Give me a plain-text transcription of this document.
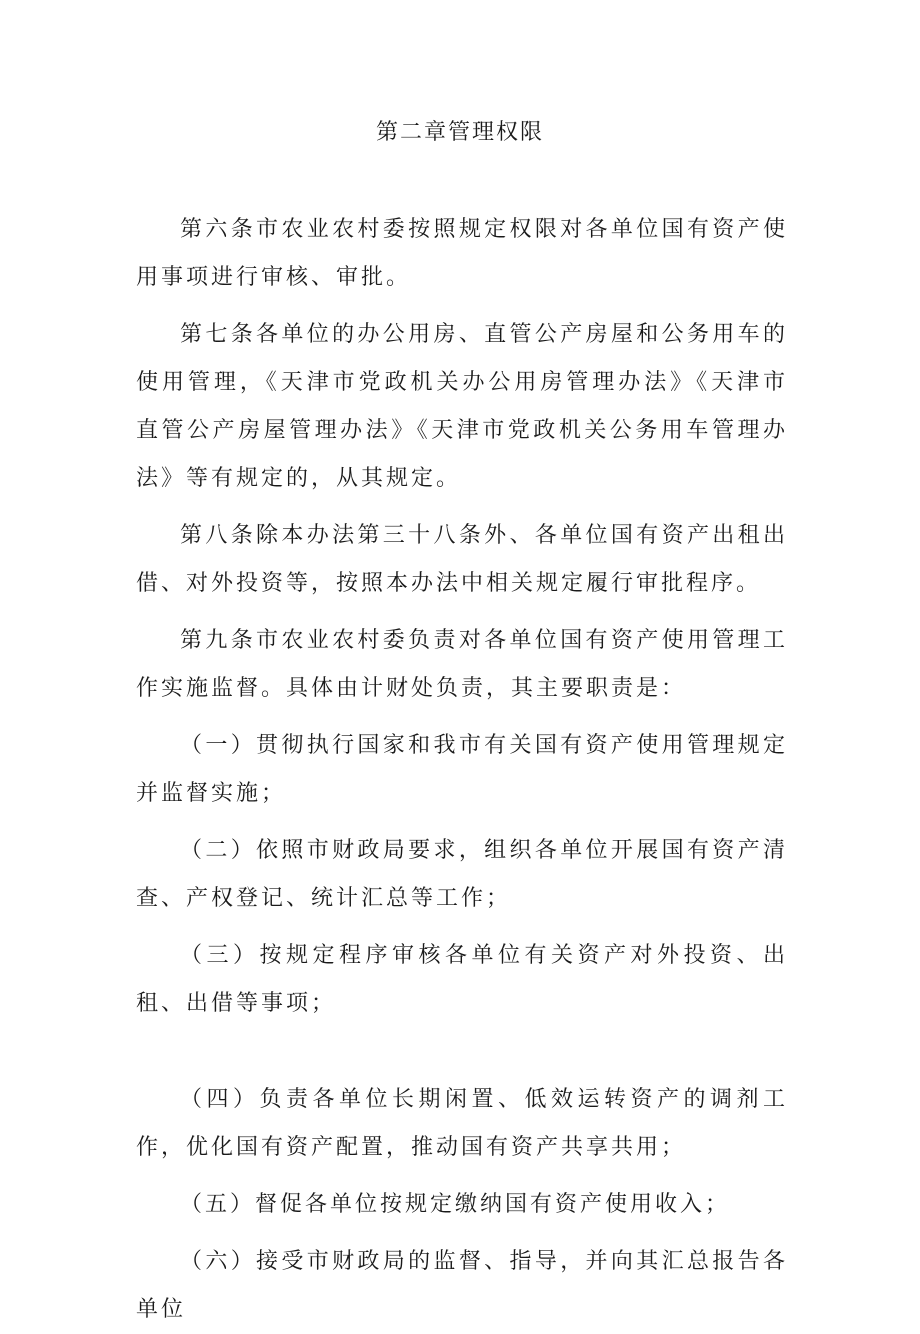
第二章管理权限

第六条市农业农村委按照规定权限对各单位国有资产使用事项进行审核、审批。

第七条各单位的办公用房、直管公产房屋和公务用车的使用管理，《天津市党政机关办公用房管理办法》《天津市直管公产房屋管理办法》《天津市党政机关公务用车管理办法》等有规定的，从其规定。

第八条除本办法第三十八条外、各单位国有资产出租出借、对外投资等，按照本办法中相关规定履行审批程序。

第九条市农业农村委负责对各单位国有资产使用管理工作实施监督。具体由计财处负责，其主要职责是：

（一）贯彻执行国家和我市有关国有资产使用管理规定并监督实施；

（二）依照市财政局要求，组织各单位开展国有资产清查、产权登记、统计汇总等工作；

（三）按规定程序审核各单位有关资产对外投资、出租、出借等事项；

（四）负责各单位长期闲置、低效运转资产的调剂工作，优化国有资产配置，推动国有资产共享共用；

（五）督促各单位按规定缴纳国有资产使用收入；

（六）接受市财政局的监督、指导，并向其汇总报告各单位
